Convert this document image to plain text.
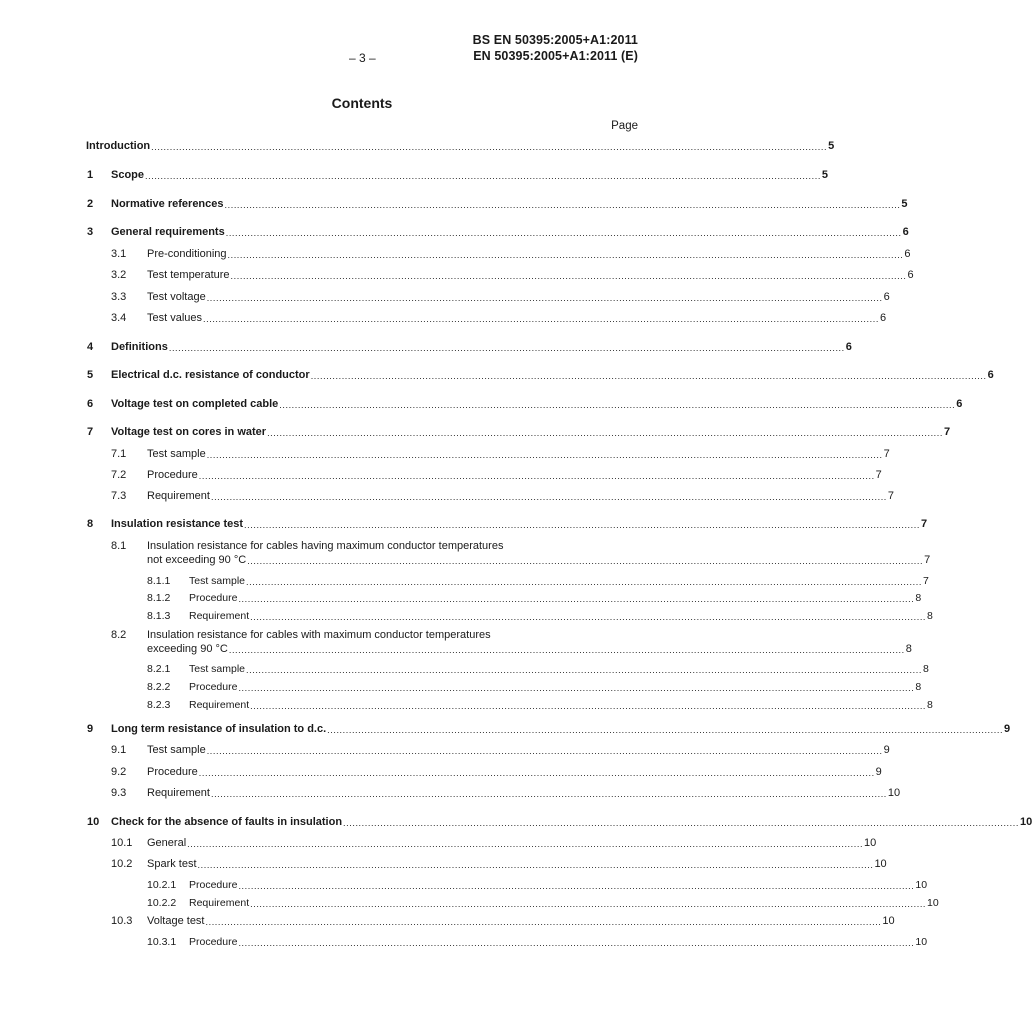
BS EN 50395:2005+A1:2011
– 3 –	EN 50395:2005+A1:2011 (E)
Contents
Page
Introduction .......................................................................................................................................................................................................................... 5
1 Scope .......................................................................................................................................................................................................................... 5
2 Normative references .......................................................................................................................................................................................................................... 5
3 General requirements .......................................................................................................................................................................................................................... 6
3.1 Pre-conditioning .......................................................................................................................................................................................................................... 6
3.2 Test temperature .......................................................................................................................................................................................................................... 6
3.3 Test voltage .......................................................................................................................................................................................................................... 6
3.4 Test values .......................................................................................................................................................................................................................... 6
4 Definitions .......................................................................................................................................................................................................................... 6
5 Electrical d.c. resistance of conductor .......................................................................................................................................................................................................................... 6
6 Voltage test on completed cable .......................................................................................................................................................................................................................... 6
7 Voltage test on cores in water .......................................................................................................................................................................................................................... 7
7.1 Test sample .......................................................................................................................................................................................................................... 7
7.2 Procedure .......................................................................................................................................................................................................................... 7
7.3 Requirement .......................................................................................................................................................................................................................... 7
8 Insulation resistance test .......................................................................................................................................................................................................................... 7
8.1 Insulation resistance for cables having maximum conductor temperatures
not exceeding 90 °C .......................................................................................................................................................................................................................... 7
8.1.1 Test sample .......................................................................................................................................................................................................................... 7
8.1.2 Procedure .......................................................................................................................................................................................................................... 8
8.1.3 Requirement .......................................................................................................................................................................................................................... 8
8.2 Insulation resistance for cables with maximum conductor temperatures
exceeding 90 °C .......................................................................................................................................................................................................................... 8
8.2.1 Test sample .......................................................................................................................................................................................................................... 8
8.2.2 Procedure .......................................................................................................................................................................................................................... 8
8.2.3 Requirement .......................................................................................................................................................................................................................... 8
9 Long term resistance of insulation to d.c. .......................................................................................................................................................................................................................... 9
9.1 Test sample .......................................................................................................................................................................................................................... 9
9.2 Procedure .......................................................................................................................................................................................................................... 9
9.3 Requirement .......................................................................................................................................................................................................................... 10
10 Check for the absence of faults in insulation .......................................................................................................................................................................................................................... 10
10.1 General .......................................................................................................................................................................................................................... 10
10.2 Spark test .......................................................................................................................................................................................................................... 10
10.2.1 Procedure .......................................................................................................................................................................................................................... 10
10.2.2 Requirement .......................................................................................................................................................................................................................... 10
10.3 Voltage test .......................................................................................................................................................................................................................... 10
10.3.1 Procedure .......................................................................................................................................................................................................................... 10
